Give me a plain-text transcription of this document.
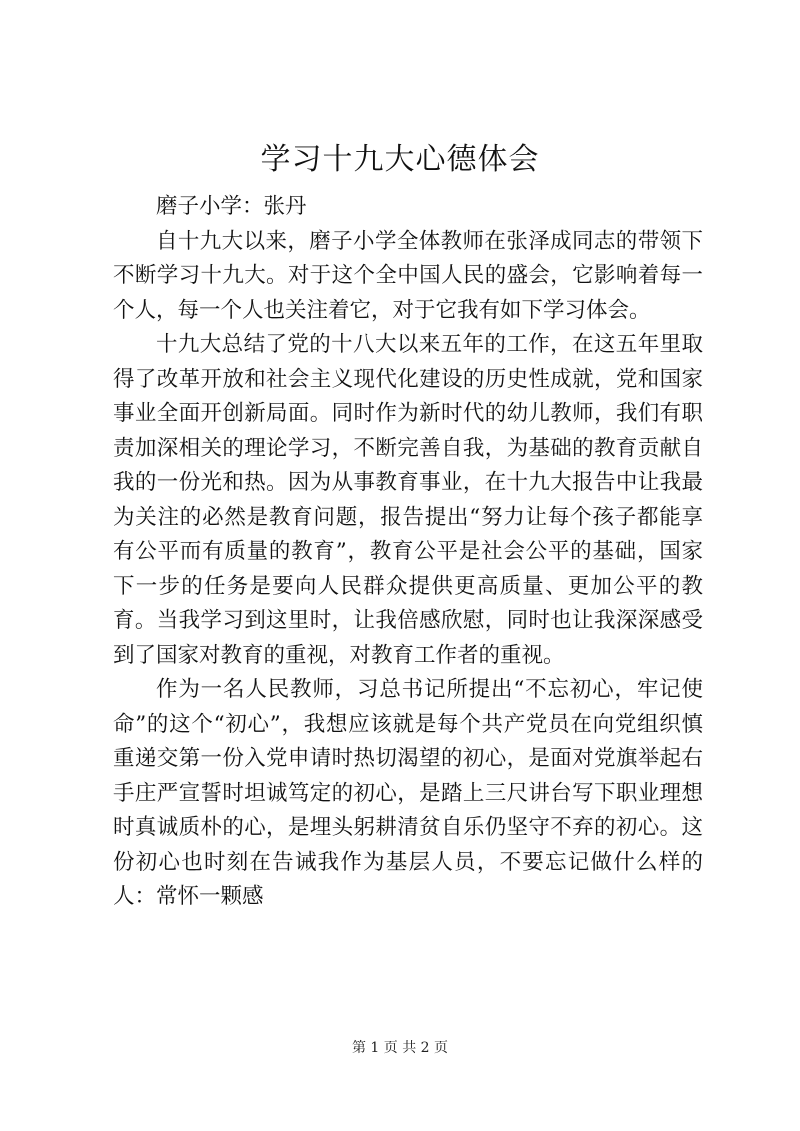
学习十九大心德体会

磨子小学：张丹

自十九大以来，磨子小学全体教师在张泽成同志的带领下不断学习十九大。对于这个全中国人民的盛会，它影响着每一个人，每一个人也关注着它，对于它我有如下学习体会。

十九大总结了党的十八大以来五年的工作，在这五年里取得了改革开放和社会主义现代化建设的历史性成就，党和国家事业全面开创新局面。同时作为新时代的幼儿教师，我们有职责加深相关的理论学习，不断完善自我，为基础的教育贡献自我的一份光和热。因为从事教育事业，在十九大报告中让我最为关注的必然是教育问题，报告提出“努力让每个孩子都能享有公平而有质量的教育”，教育公平是社会公平的基础，国家下一步的任务是要向人民群众提供更高质量、更加公平的教育。当我学习到这里时，让我倍感欣慰，同时也让我深深感受到了国家对教育的重视，对教育工作者的重视。

作为一名人民教师，习总书记所提出“不忘初心，牢记使命”的这个“初心”，我想应该就是每个共产党员在向党组织慎重递交第一份入党申请时热切渴望的初心，是面对党旗举起右手庄严宣誓时坦诚笃定的初心，是踏上三尺讲台写下职业理想时真诚质朴的心，是埋头躬耕清贫自乐仍坚守不弃的初心。这份初心也时刻在告诫我作为基层人员，不要忘记做什么样的人：常怀一颗感

第 1 页 共 2 页
